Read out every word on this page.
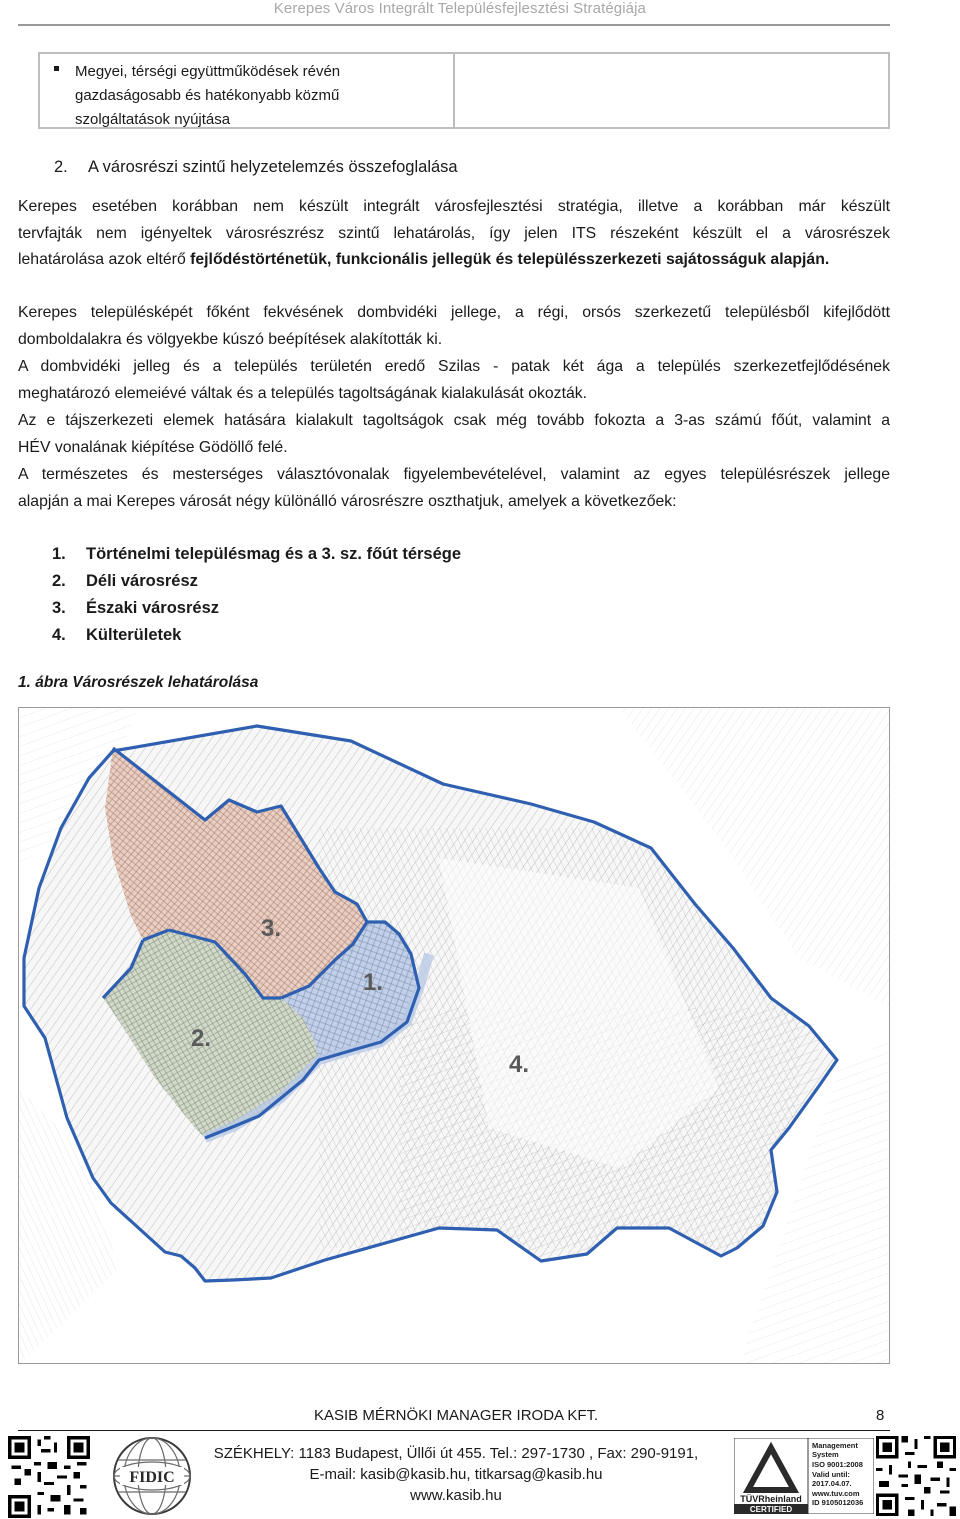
Kerepes Város Integrált Településfejlesztési Stratégiája
Megyei, térségi együttműködések révén
gazdaságosabb és hatékonyabb közmű
szolgáltatások nyújtása
2. A városrészi szintű helyzetelemzés összefoglalása
Kerepes esetében korábban nem készült integrált városfejlesztési stratégia, illetve a korábban már készült
tervfajták nem igényeltek városrészrész szintű lehatárolás, így jelen ITS részeként készült el a városrészek
lehatárolása azok eltérő fejlődéstörténetük, funkcionális jellegük és településszerkezeti sajátosságuk alapján.
Kerepes településképét főként fekvésének dombvidéki jellege, a régi, orsós szerkezetű településből kifejlődött
domboldalakra és völgyekbe kúszó beépítések alakították ki.
A dombvidéki jelleg és a település területén eredő Szilas - patak két ága a település szerkezetfejlődésének
meghatározó elemeiévé váltak és a település tagoltságának kialakulását okozták.
Az e tájszerkezeti elemek hatására kialakult tagoltságok csak még tovább fokozta a 3-as számú főút, valamint a
HÉV vonalának kiépítése Gödöllő felé.
A természetes és mesterséges választóvonalak figyelembevételével, valamint az egyes településrészek jellege
alapján a mai Kerepes városát négy különálló városrészre oszthatjuk, amelyek a következőek:
1. Történelmi településmag és a 3. sz. főút térsége
2. Déli városrész
3. Északi városrész
4. Külterületek
1. ábra Városrészek lehatárolása
3.
1.
2.
4.
KASIB MÉRNÖKI MANAGER IRODA KFT.	8
FIDIC
SZÉKHELY: 1183 Budapest, Üllői út 455. Tel.: 297-1730 , Fax: 290-9191,
E-mail: kasib@kasib.hu, titkarsag@kasib.hu
www.kasib.hu	TÜVRheinland
CERTIFIED
Management
System
ISO 9001:2008
Valid until:
2017.04.07.
www.tuv.com
ID 9105012036
